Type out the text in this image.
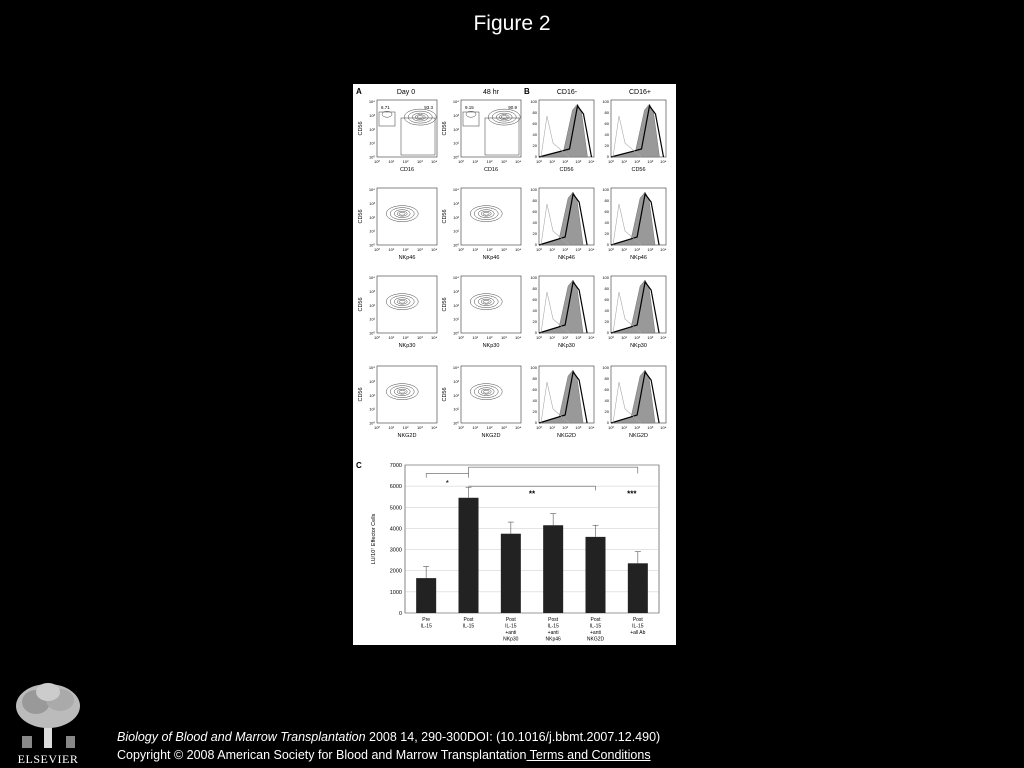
Figure 2
A	B
C
Day 0	48 hr	CD16-	CD16+
CD56
10⁴
10³
10²
10¹
10⁰
10⁰ 10¹ 10² 10³ 10⁴
CD16
6.71	93.3
CD56
10⁴
10³
10²
10¹
10⁰
10⁰ 10¹ 10² 10³ 10⁴
CD16
9.15	90.9
100
80
60
40
20
0
10⁰ 10¹ 10² 10³ 10⁴
CD56
100
80
60
40
20
0
10⁰ 10¹ 10² 10³ 10⁴
CD56
CD56
10⁴
10³
10²
10¹
10⁰
10⁰ 10¹ 10² 10³ 10⁴
NKp46
CD56
10⁴
10³
10²
10¹
10⁰
10⁰ 10¹ 10² 10³ 10⁴
NKp46
100
80
60
40
20
0
10⁰ 10¹ 10² 10³ 10⁴
NKp46
100
80
60
40
20
0
10⁰ 10¹ 10² 10³ 10⁴
NKp46
CD56
10⁴
10³
10²
10¹
10⁰
10⁰ 10¹ 10² 10³ 10⁴
NKp30
CD56
10⁴
10³
10²
10¹
10⁰
10⁰ 10¹ 10² 10³ 10⁴
NKp30
100
80
60
40
20
0
10⁰ 10¹ 10² 10³ 10⁴
NKp30
100
80
60
40
20
0
10⁰ 10¹ 10² 10³ 10⁴
NKp30
CD56
10⁴
10³
10²
10¹
10⁰
10⁰ 10¹ 10² 10³ 10⁴
NKG2D
CD56
10⁴
10³
10²
10¹
10⁰
10⁰ 10¹ 10² 10³ 10⁴
NKG2D
100
80
60
40
20
0
10⁰ 10¹ 10² 10³ 10⁴
NKG2D
100
80
60
40
20
0
10⁰ 10¹ 10² 10³ 10⁴
NKG2D
0
1000
2000
3000
4000
5000
6000
7000
LU/10⁷ Effector Cells
Pre
IL-15
Post
IL-15
Post
IL-15
+anti
NKp30
Post
IL-15
+anti
NKp46
Post
IL-15
+anti
NKG2D
Post
IL-15
+all Ab
*
**	***
ELSEVIER
Biology of Blood and Marrow Transplantation 2008 14, 290-300DOI: (10.1016/j.bbmt.2007.12.490)
Copyright © 2008 American Society for Blood and Marrow Transplantation Terms and Conditions
